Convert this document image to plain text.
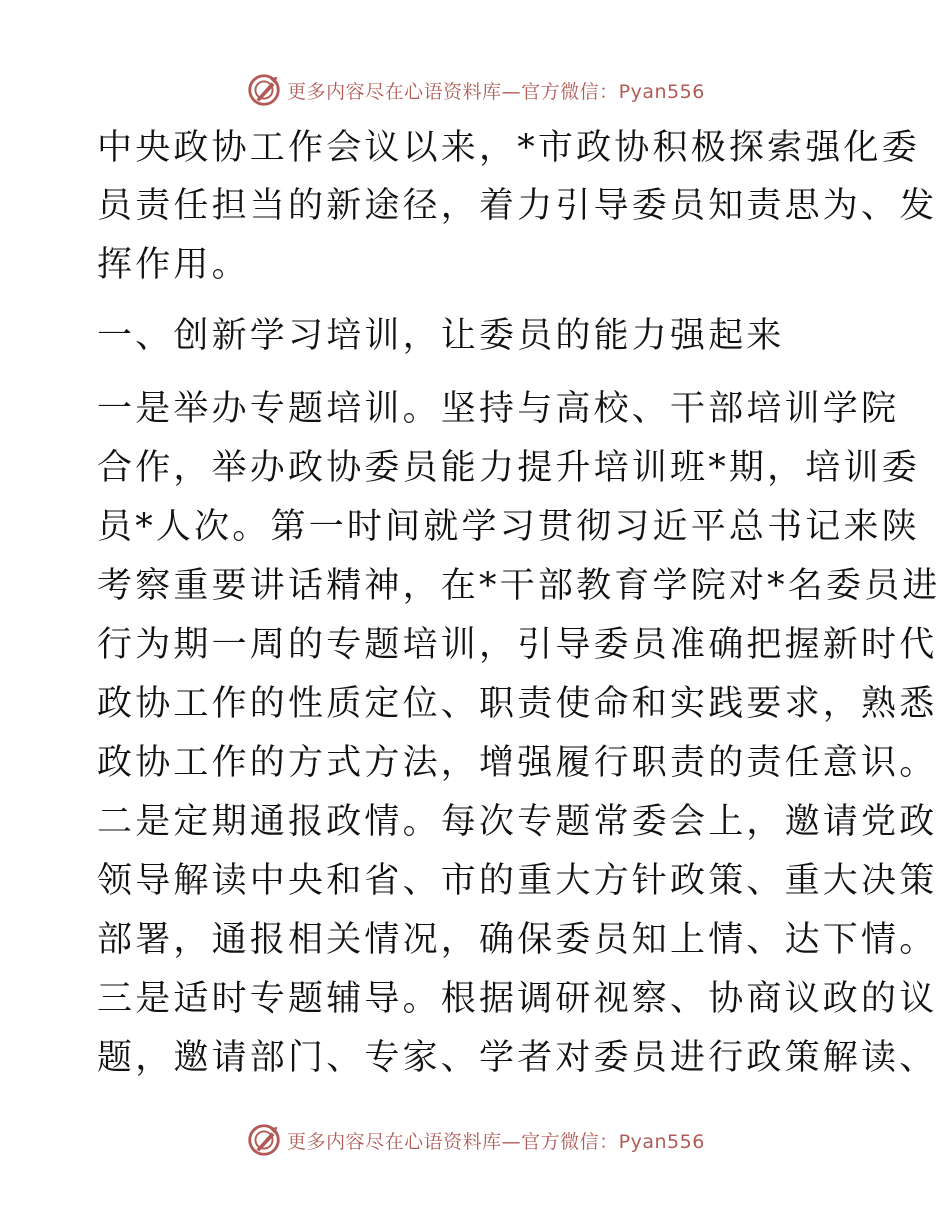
更多内容尽在心语资料库—官方微信：Pyan556
中央政协工作会议以来，*市政协积极探索强化委
员责任担当的新途径，着力引导委员知责思为、发
挥作用。
一、创新学习培训，让委员的能力强起来
一是举办专题培训。坚持与高校、干部培训学院
合作，举办政协委员能力提升培训班*期，培训委
员*人次。第一时间就学习贯彻习近平总书记来陕
考察重要讲话精神，在*干部教育学院对*名委员进
行为期一周的专题培训，引导委员准确把握新时代
政协工作的性质定位、职责使命和实践要求，熟悉
政协工作的方式方法，增强履行职责的责任意识。
二是定期通报政情。每次专题常委会上，邀请党政
领导解读中央和省、市的重大方针政策、重大决策
部署，通报相关情况，确保委员知上情、达下情。
三是适时专题辅导。根据调研视察、协商议政的议
题，邀请部门、专家、学者对委员进行政策解读、
更多内容尽在心语资料库—官方微信：Pyan556
